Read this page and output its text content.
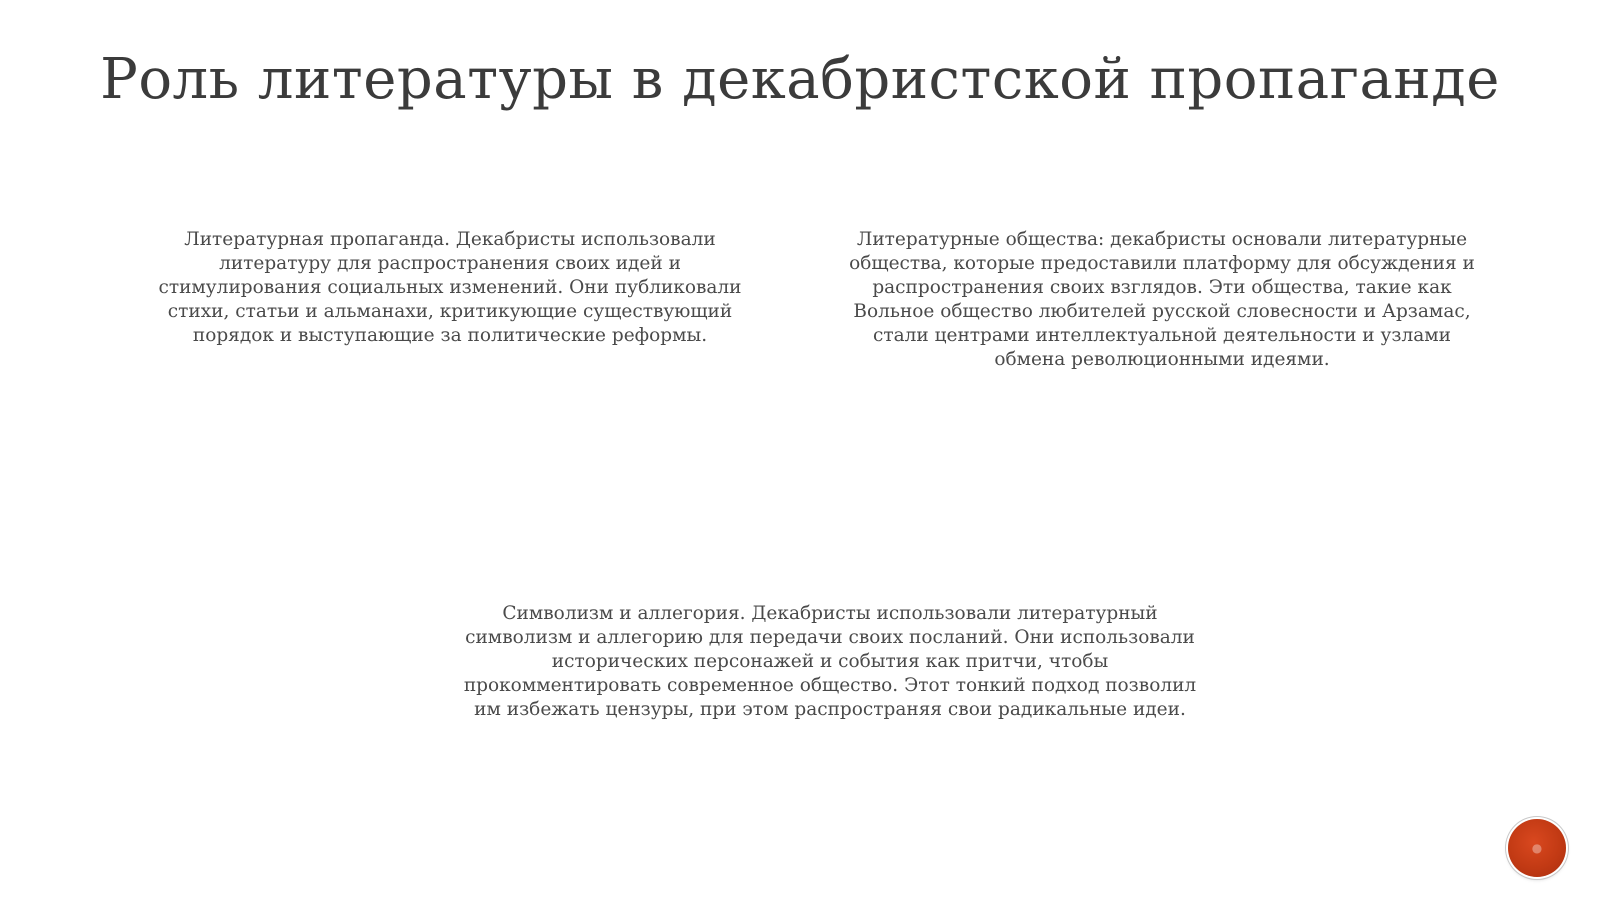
Роль литературы в декабристской пропаганде

Литературная пропаганда. Декабристы использовали литературу для распространения своих идей и стимулирования социальных изменений. Они публиковали стихи, статьи и альманахи, критикующие существующий порядок и выступающие за политические реформы.

Литературные общества: декабристы основали литературные общества, которые предоставили платформу для обсуждения и распространения своих взглядов. Эти общества, такие как Вольное общество любителей русской словесности и Арзамас, стали центрами интеллектуальной деятельности и узлами обмена революционными идеями.

Символизм и аллегория. Декабристы использовали литературный символизм и аллегорию для передачи своих посланий. Они использовали исторических персонажей и события как притчи, чтобы прокомментировать современное общество. Этот тонкий подход позволил им избежать цензуры, при этом распространяя свои радикальные идеи.

●
